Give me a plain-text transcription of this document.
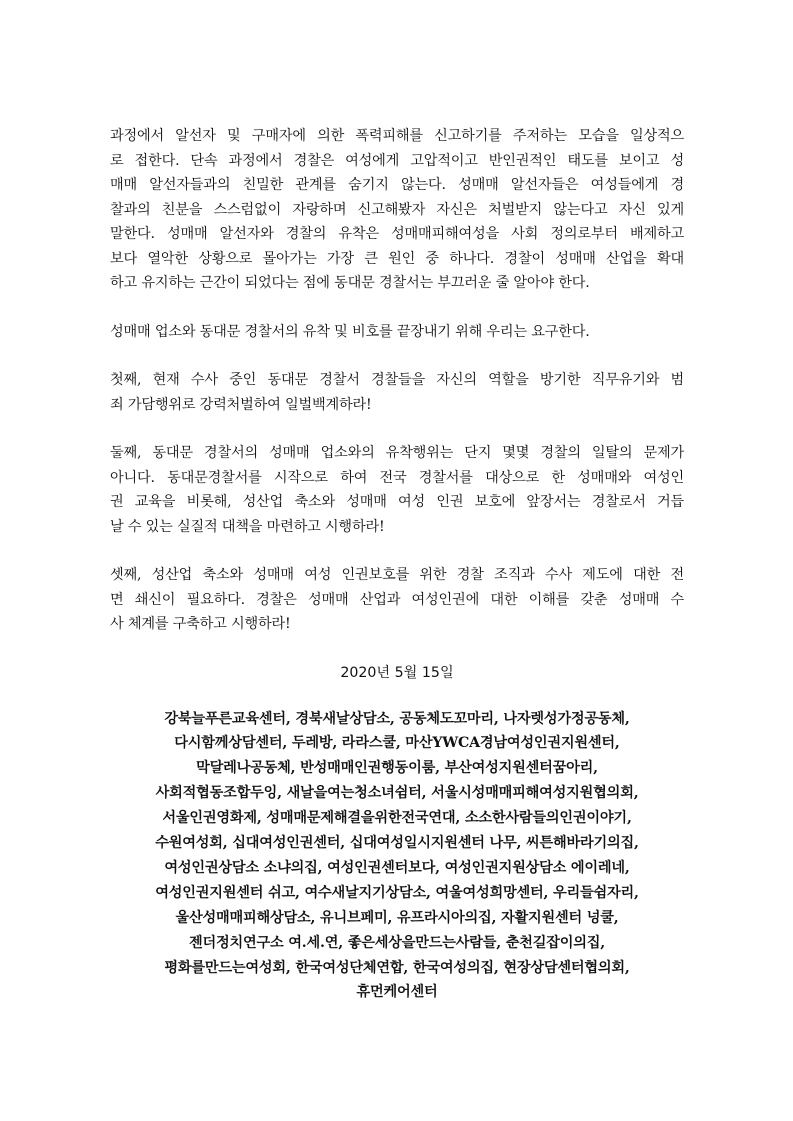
과정에서 알선자 및 구매자에 의한 폭력피해를 신고하기를 주저하는 모습을 일상적으
로 접한다. 단속 과정에서 경찰은 여성에게 고압적이고 반인권적인 태도를 보이고 성
매매 알선자들과의 친밀한 관계를 숨기지 않는다. 성매매 알선자들은 여성들에게 경
찰과의 친분을 스스럼없이 자랑하며 신고해봤자 자신은 처벌받지 않는다고 자신 있게
말한다. 성매매 알선자와 경찰의 유착은 성매매피해여성을 사회 정의로부터 배제하고
보다 열악한 상황으로 몰아가는 가장 큰 원인 중 하나다. 경찰이 성매매 산업을 확대
하고 유지하는 근간이 되었다는 점에 동대문 경찰서는 부끄러운 줄 알아야 한다.

성매매 업소와 동대문 경찰서의 유착 및 비호를 끝장내기 위해 우리는 요구한다.

첫째, 현재 수사 중인 동대문 경찰서 경찰들을 자신의 역할을 방기한 직무유기와 범
죄 가담행위로 강력처벌하여 일벌백계하라!

둘째, 동대문 경찰서의 성매매 업소와의 유착행위는 단지 몇몇 경찰의 일탈의 문제가
아니다. 동대문경찰서를 시작으로 하여 전국 경찰서를 대상으로 한 성매매와 여성인
권 교육을 비롯해, 성산업 축소와 성매매 여성 인권 보호에 앞장서는 경찰로서 거듭
날 수 있는 실질적 대책을 마련하고 시행하라!

셋째, 성산업 축소와 성매매 여성 인권보호를 위한 경찰 조직과 수사 제도에 대한 전
면 쇄신이 필요하다. 경찰은 성매매 산업과 여성인권에 대한 이해를 갖춘 성매매 수
사 체계를 구축하고 시행하라!

2020년 5월 15일
강북늘푸른교육센터, 경북새날상담소, 공동체도꼬마리, 나자렛성가정공동체,
다시함께상담센터, 두레방, 라라스쿨, 마산YWCA경남여성인권지원센터,
막달레나공동체, 반성매매인권행동이룸, 부산여성지원센터꿈아리,
사회적협동조합두잉, 새날을여는청소녀쉼터, 서울시성매매피해여성지원협의회,
서울인권영화제, 성매매문제해결을위한전국연대, 소소한사람들의인권이야기,
수원여성회, 십대여성인권센터, 십대여성일시지원센터 나무, 씨튼해바라기의집,
여성인권상담소 소냐의집, 여성인권센터보다, 여성인권지원상담소 에이레네,
여성인권지원센터 쉬고, 여수새날지기상담소, 여울여성희망센터, 우리들쉼자리,
울산성매매피해상담소, 유니브페미, 유프라시아의집, 자활지원센터 넝쿨,
젠더정치연구소 여.세.연, 좋은세상을만드는사람들, 춘천길잡이의집,
평화를만드는여성회, 한국여성단체연합, 한국여성의집, 현장상담센터협의회,
휴먼케어센터
